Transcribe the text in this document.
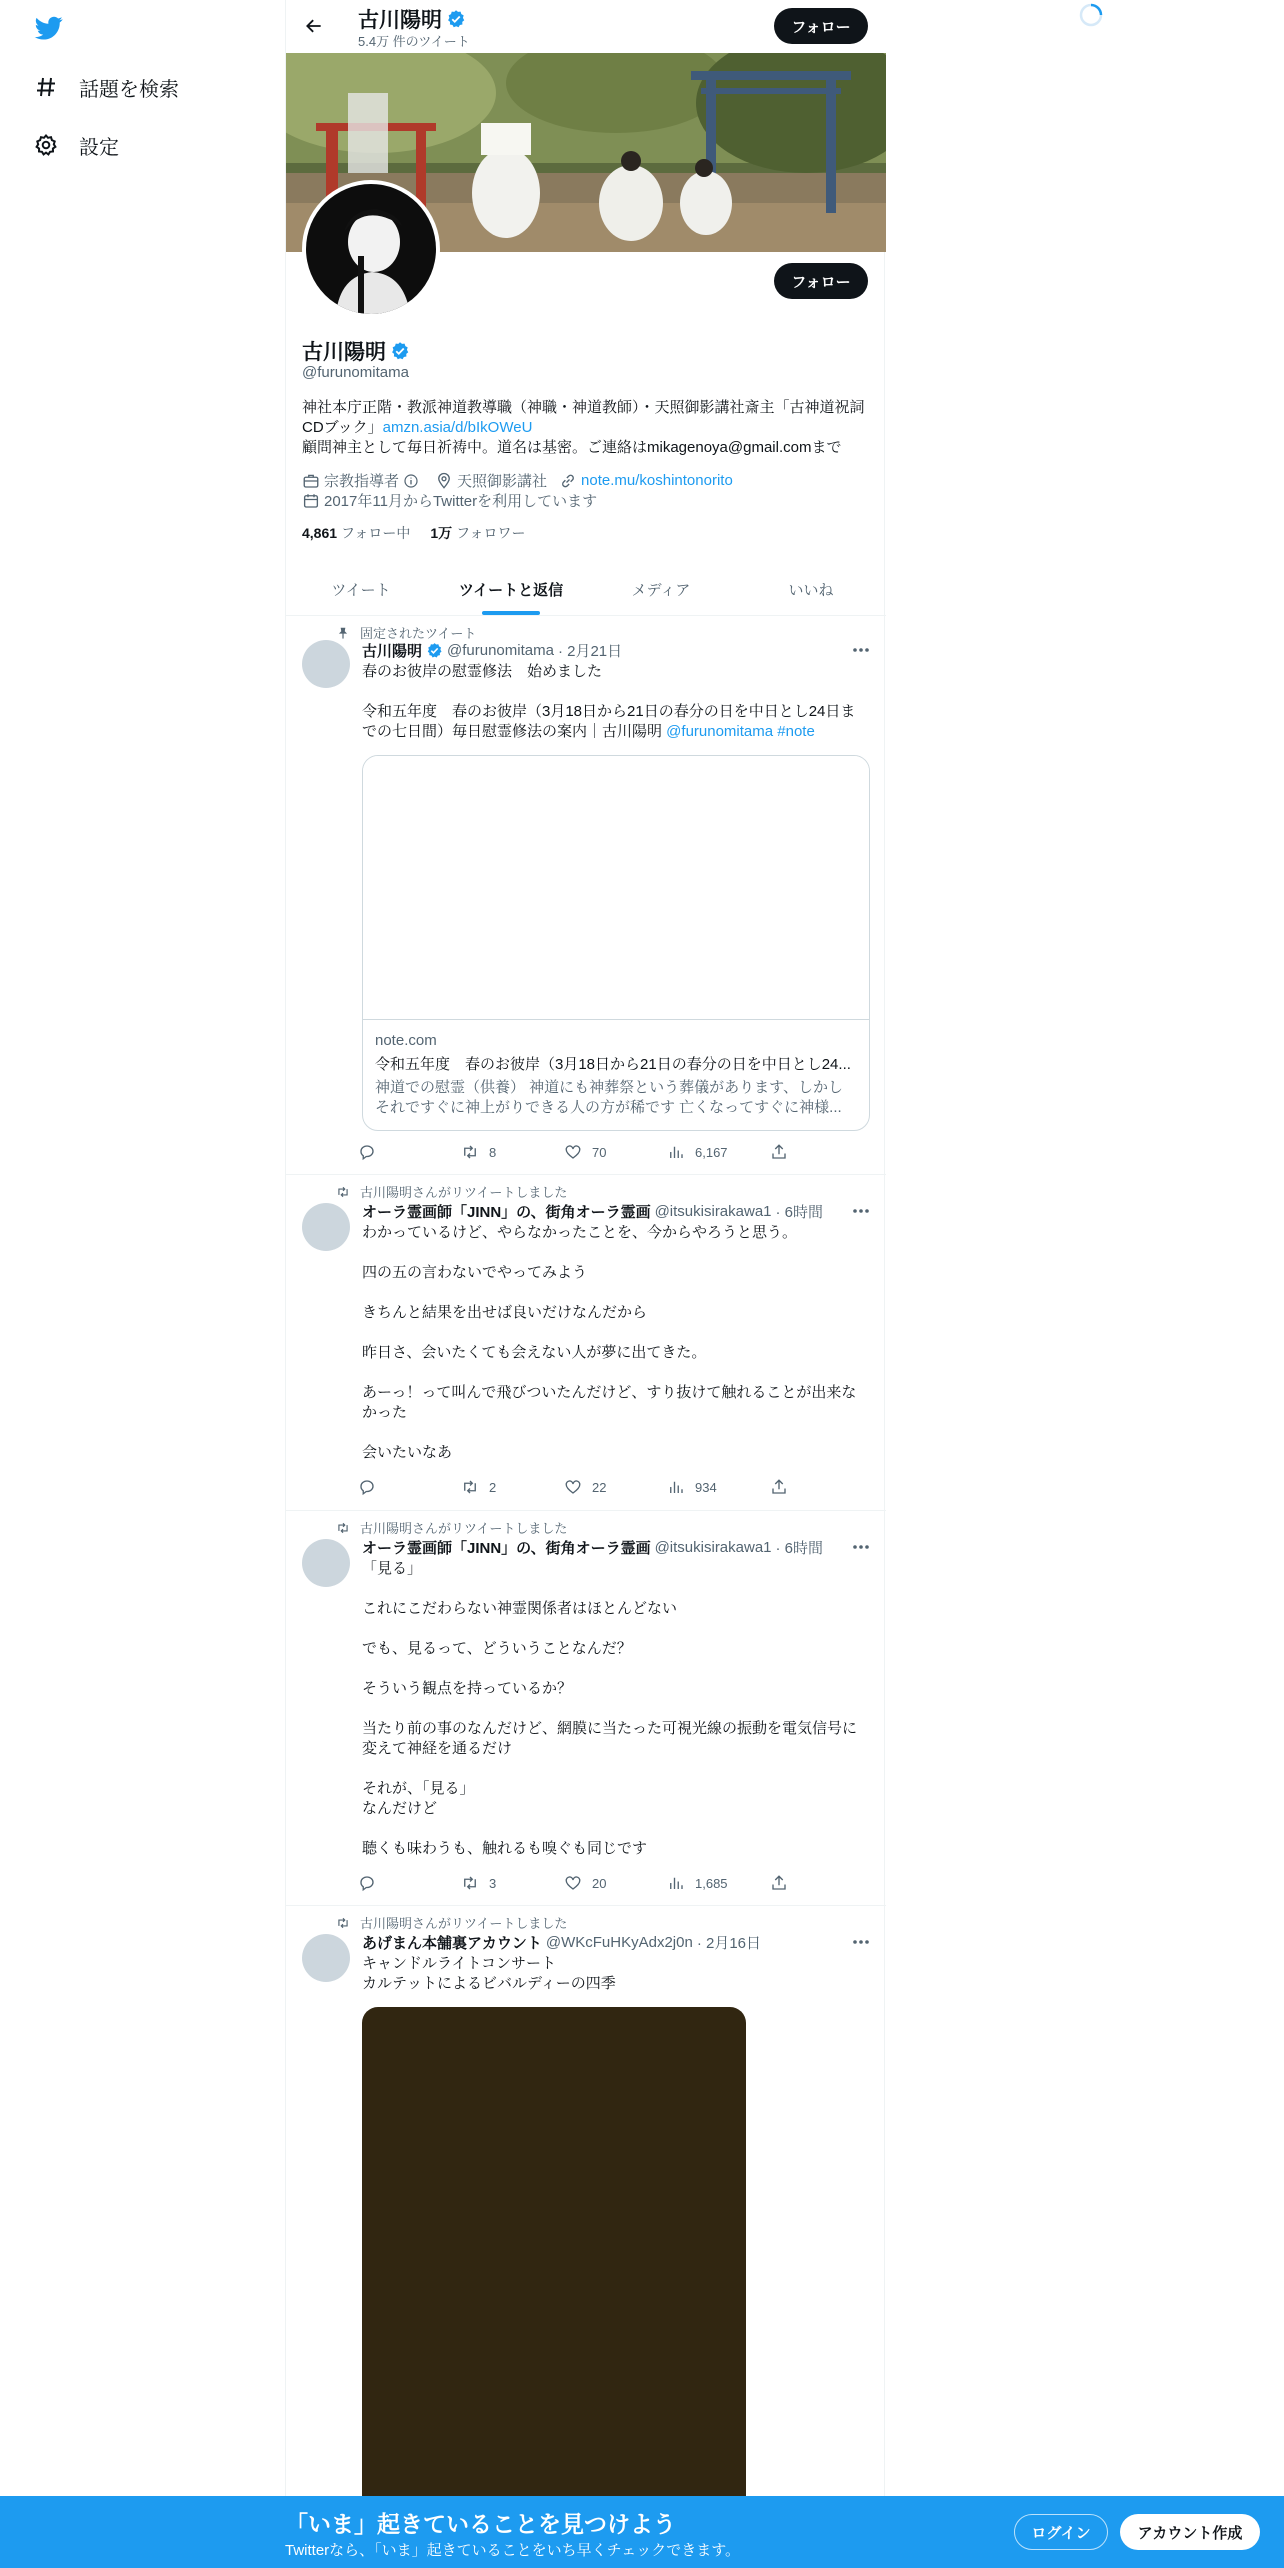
話題を検索
設定
古川陽明
5.4万 件のツイート
フォロー
フォロー
古川陽明
@furunomitama
神社本庁正階・教派神道教導職（神職・神道教師）・天照御影講社斎主「古神道祝詞CDブック」amzn.asia/d/bIkOWeU
顧問神主として毎日祈祷中。道名は基密。ご連絡はmikagenoya@gmail.comまで
宗教指導者	天照御影講社 note.mu/koshintonorito
2017年11月からTwitterを利用しています
4,861 フォロー中 1万 フォロワー
ツイート	ツイートと返信	メディア	いいね
固定されたツイート
古川陽明 @furunomitama · 2月21日
春のお彼岸の慰霊修法　始めました

令和五年度　春のお彼岸（3月18日から21日の春分の日を中日とし24日までの七日間）毎日慰霊修法の案内｜古川陽明 @furunomitama #note
note.com
令和五年度　春のお彼岸（3月18日から21日の春分の日を中日とし24...
神道での慰霊（供養） 神道にも神葬祭という葬儀があります、しかしそれですぐに神上がりできる人の方が稀です 亡くなってすぐに神様...
8	70	6,167
古川陽明さんがリツイートしました
オーラ霊画師「JINN」の、街角オーラ霊画 @itsukisirakawa1 · 6時間
わかっているけど、やらなかったことを、今からやろうと思う。

四の五の言わないでやってみよう

きちんと結果を出せば良いだけなんだから

昨日さ、会いたくても会えない人が夢に出てきた。

あーっ！って叫んで飛びついたんだけど、すり抜けて触れることが出来なかった

会いたいなあ
2	22	934
古川陽明さんがリツイートしました
オーラ霊画師「JINN」の、街角オーラ霊画 @itsukisirakawa1 · 6時間
「見る」

これにこだわらない神霊関係者はほとんどない

でも、見るって、どういうことなんだ？

そういう観点を持っているか？

当たり前の事のなんだけど、網膜に当たった可視光線の振動を電気信号に変えて神経を通るだけ

それが、「見る」
なんだけど

聴くも味わうも、触れるも嗅ぐも同じです
3	20	1,685
古川陽明さんがリツイートしました
あげまん本舗裏アカウント @WKcFuHKyAdx2j0n · 2月16日
キャンドルライトコンサート
カルテットによるビバルディーの四季
「いま」起きていることを見つけよう
Twitterなら、「いま」起きていることをいち早くチェックできます。
ログイン	アカウント作成
